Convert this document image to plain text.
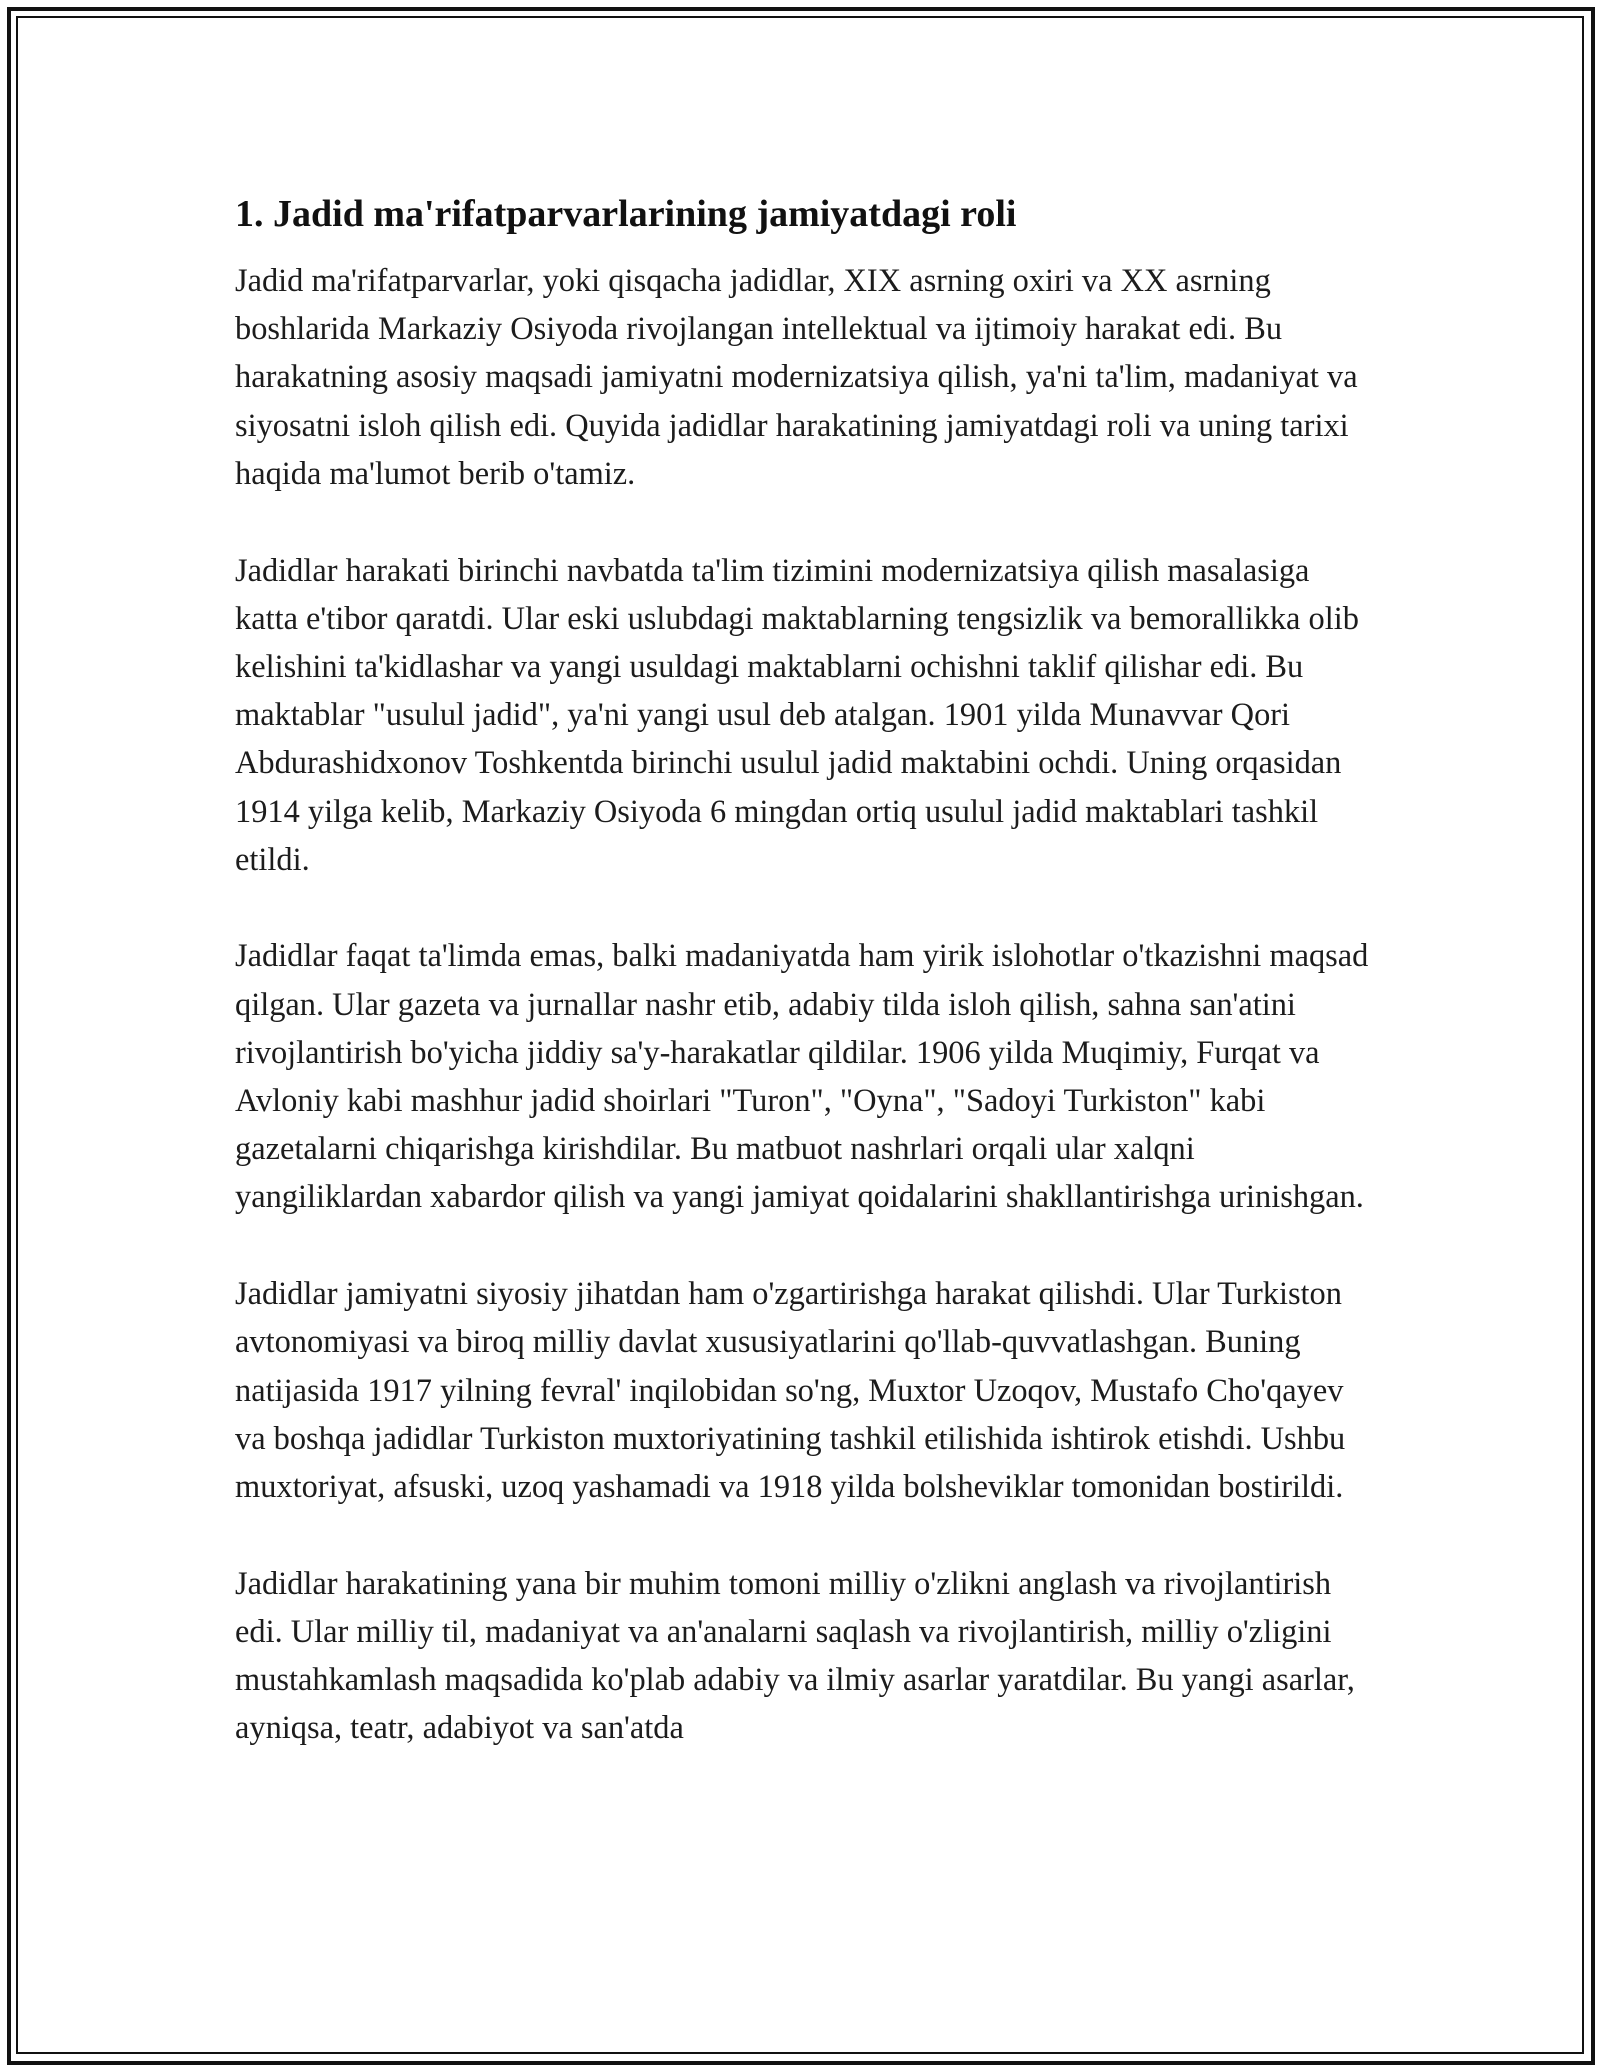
1. Jadid ma'rifatparvarlarining jamiyatdagi roli

Jadid ma'rifatparvarlar, yoki qisqacha jadidlar, XIX asrning oxiri va XX asrning boshlarida Markaziy Osiyoda rivojlangan intellektual va ijtimoiy harakat edi. Bu harakatning asosiy maqsadi jamiyatni modernizatsiya qilish, ya'ni ta'lim, madaniyat va siyosatni isloh qilish edi. Quyida jadidlar harakatining jamiyatdagi roli va uning tarixi haqida ma'lumot berib o'tamiz.

Jadidlar harakati birinchi navbatda ta'lim tizimini modernizatsiya qilish masalasiga katta e'tibor qaratdi. Ular eski uslubdagi maktablarning tengsizlik va bemorallikka olib kelishini ta'kidlashar va yangi usuldagi maktablarni ochishni taklif qilishar edi. Bu maktablar "usulul jadid", ya'ni yangi usul deb atalgan. 1901 yilda Munavvar Qori Abdurashidxonov Toshkentda birinchi usulul jadid maktabini ochdi. Uning orqasidan 1914 yilga kelib, Markaziy Osiyoda 6 mingdan ortiq usulul jadid maktablari tashkil etildi.

Jadidlar faqat ta'limda emas, balki madaniyatda ham yirik islohotlar o'tkazishni maqsad qilgan. Ular gazeta va jurnallar nashr etib, adabiy tilda isloh qilish, sahna san'atini rivojlantirish bo'yicha jiddiy sa'y-harakatlar qildilar. 1906 yilda Muqimiy, Furqat va Avloniy kabi mashhur jadid shoirlari "Turon", "Oyna", "Sadoyi Turkiston" kabi gazetalarni chiqarishga kirishdilar. Bu matbuot nashrlari orqali ular xalqni yangiliklardan xabardor qilish va yangi jamiyat qoidalarini shakllantirishga urinishgan.

Jadidlar jamiyatni siyosiy jihatdan ham o'zgartirishga harakat qilishdi. Ular Turkiston avtonomiyasi va biroq milliy davlat xususiyatlarini qo'llab-quvvatlashgan. Buning natijasida 1917 yilning fevral' inqilobidan so'ng, Muxtor Uzoqov, Mustafo Cho'qayev va boshqa jadidlar Turkiston muxtoriyatining tashkil etilishida ishtirok etishdi. Ushbu muxtoriyat, afsuski, uzoq yashamadi va 1918 yilda bolsheviklar tomonidan bostirildi.

Jadidlar harakatining yana bir muhim tomoni milliy o'zlikni anglash va rivojlantirish edi. Ular milliy til, madaniyat va an'analarni saqlash va rivojlantirish, milliy o'zligini mustahkamlash maqsadida ko'plab adabiy va ilmiy asarlar yaratdilar. Bu yangi asarlar, ayniqsa, teatr, adabiyot va san'atda
